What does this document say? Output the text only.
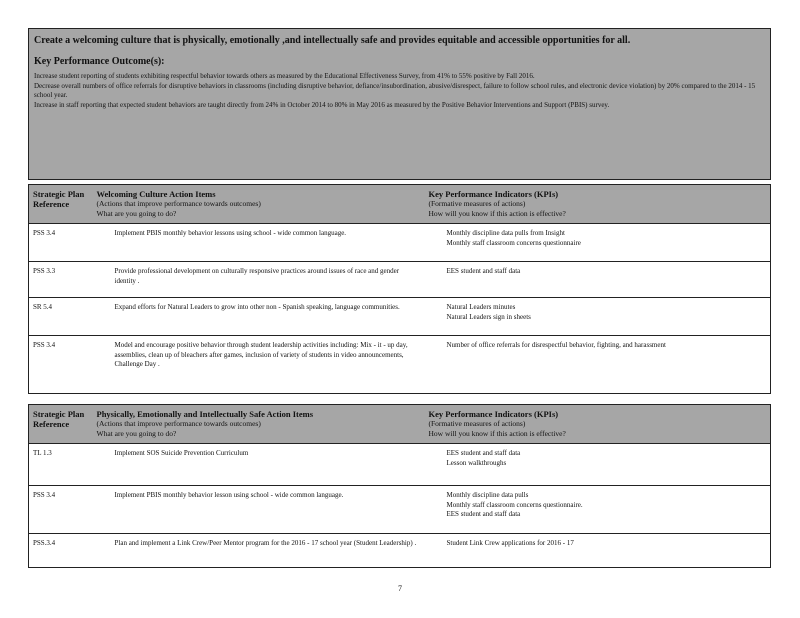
Create a welcoming culture that is physically, emotionally ,and intellectually safe and provides equitable and accessible opportunities for all.
Key Performance Outcome(s):
Increase student reporting of students exhibiting respectful behavior towards others as measured by the Educational Effectiveness Survey, from 41% to 55% positive by Fall 2016.
Decrease overall numbers of office referrals for disruptive behaviors in classrooms (including disruptive behavior, defiance/insubordination, abusive/disrespect, failure to follow school rules, and electronic device violation) by 20% compared to the 2014 - 15 school year.
Increase in staff reporting that expected student behaviors are taught directly from 24% in October 2014 to 80% in May 2016 as measured by the Positive Behavior Interventions and Support (PBIS) survey.
Strategic Plan Reference	Welcoming Culture Action Items
(Actions that improve performance towards outcomes)
What are you going to do?	Key Performance Indicators (KPIs)
(Formative measures of actions)
How will you know if this action is effective?

PSS 3.4	Implement PBIS monthly behavior lessons using school - wide common language.	Monthly discipline data pulls from Insight
Monthly staff classroom concerns questionnaire

PSS 3.3	Provide professional development on culturally responsive practices around issues of race and gender identity .	EES student and staff data

SR 5.4	Expand efforts for Natural Leaders to grow into other non - Spanish speaking, language communities.	Natural Leaders minutes
Natural Leaders sign in sheets

PSS 3.4	Model and encourage positive behavior through student leadership activities including: Mix - it - up day, assemblies, clean up of bleachers after games, inclusion of variety of students in video announcements, Challenge Day .	Number of office referrals for disrespectful behavior, fighting, and harassment
Strategic Plan Reference	Physically, Emotionally and Intellectually Safe Action Items
(Actions that improve performance towards outcomes)
What are you going to do?	Key Performance Indicators (KPIs)
(Formative measures of actions)
How will you know if this action is effective?

TL 1.3	Implement SOS Suicide Prevention Curriculum	EES student and staff data
Lesson walkthroughs

PSS 3.4	Implement PBIS monthly behavior lesson using school - wide common language.	Monthly discipline data pulls
Monthly staff classroom concerns questionnaire.
EES student and staff data

PSS.3.4	Plan and implement a Link Crew/Peer Mentor program for the 2016 - 17 school year (Student Leadership) .	Student Link Crew applications for 2016 - 17
7
